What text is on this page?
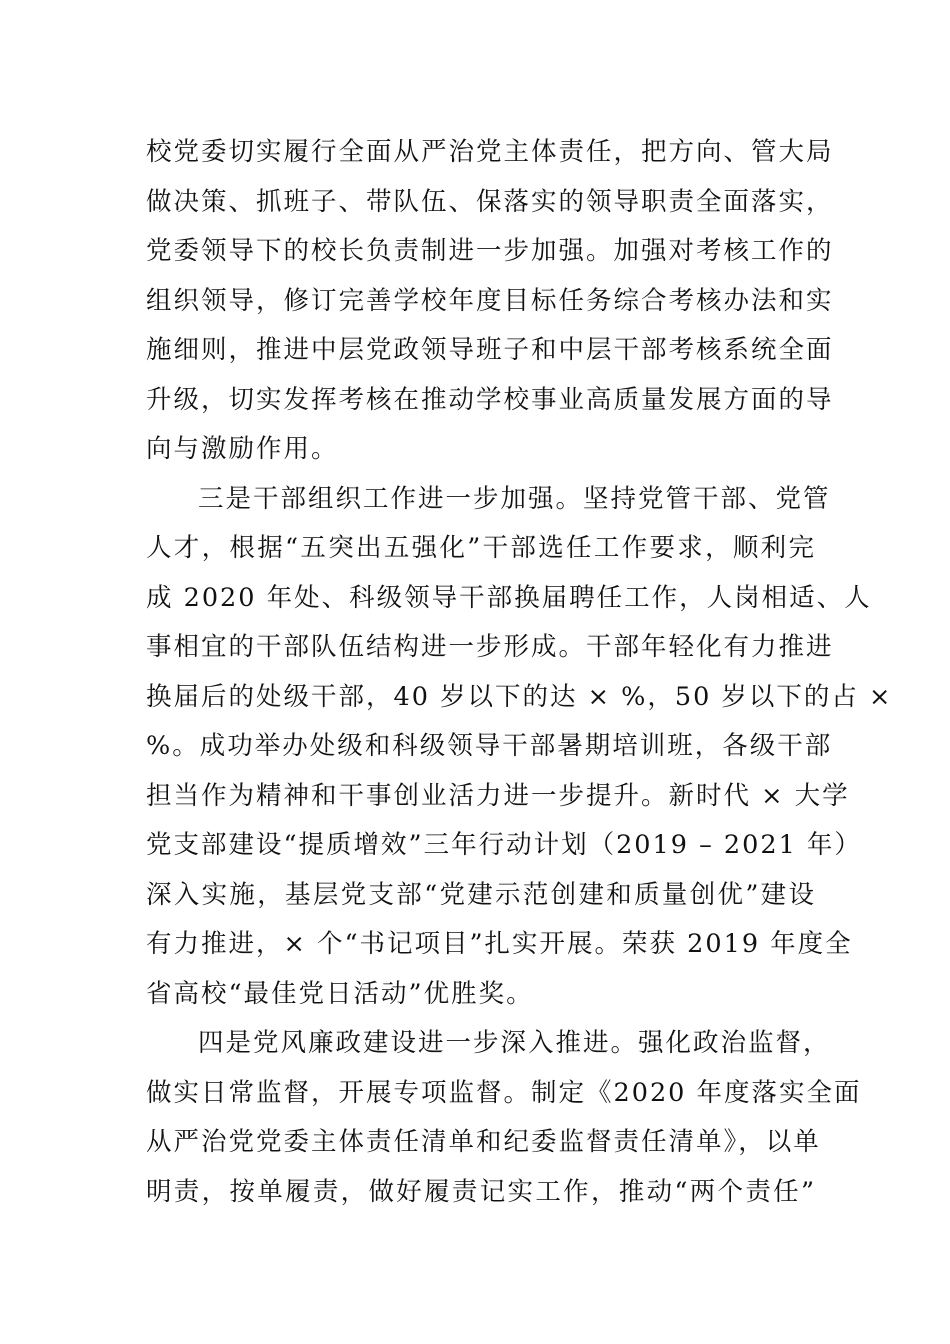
校党委切实履行全面从严治党主体责任，把方向、管大局
做决策、抓班子、带队伍、保落实的领导职责全面落实，
党委领导下的校长负责制进一步加强。加强对考核工作的
组织领导，修订完善学校年度目标任务综合考核办法和实
施细则，推进中层党政领导班子和中层干部考核系统全面
升级，切实发挥考核在推动学校事业高质量发展方面的导
向与激励作用。
三是干部组织工作进一步加强。坚持党管干部、党管
人才，根据“五突出五强化”干部选任工作要求，顺利完
成 2020 年处、科级领导干部换届聘任工作，人岗相适、人
事相宜的干部队伍结构进一步形成。干部年轻化有力推进
换届后的处级干部，40 岁以下的达 × %，50 岁以下的占 ×
%。成功举办处级和科级领导干部暑期培训班，各级干部
担当作为精神和干事创业活力进一步提升。新时代 × 大学
党支部建设“提质增效”三年行动计划（2019 – 2021 年）
深入实施，基层党支部“党建示范创建和质量创优”建设
有力推进，× 个“书记项目”扎实开展。荣获 2019 年度全
省高校“最佳党日活动”优胜奖。
四是党风廉政建设进一步深入推进。强化政治监督，
做实日常监督，开展专项监督。制定《2020 年度落实全面
从严治党党委主体责任清单和纪委监督责任清单》，以单
明责，按单履责，做好履责记实工作，推动“两个责任”
